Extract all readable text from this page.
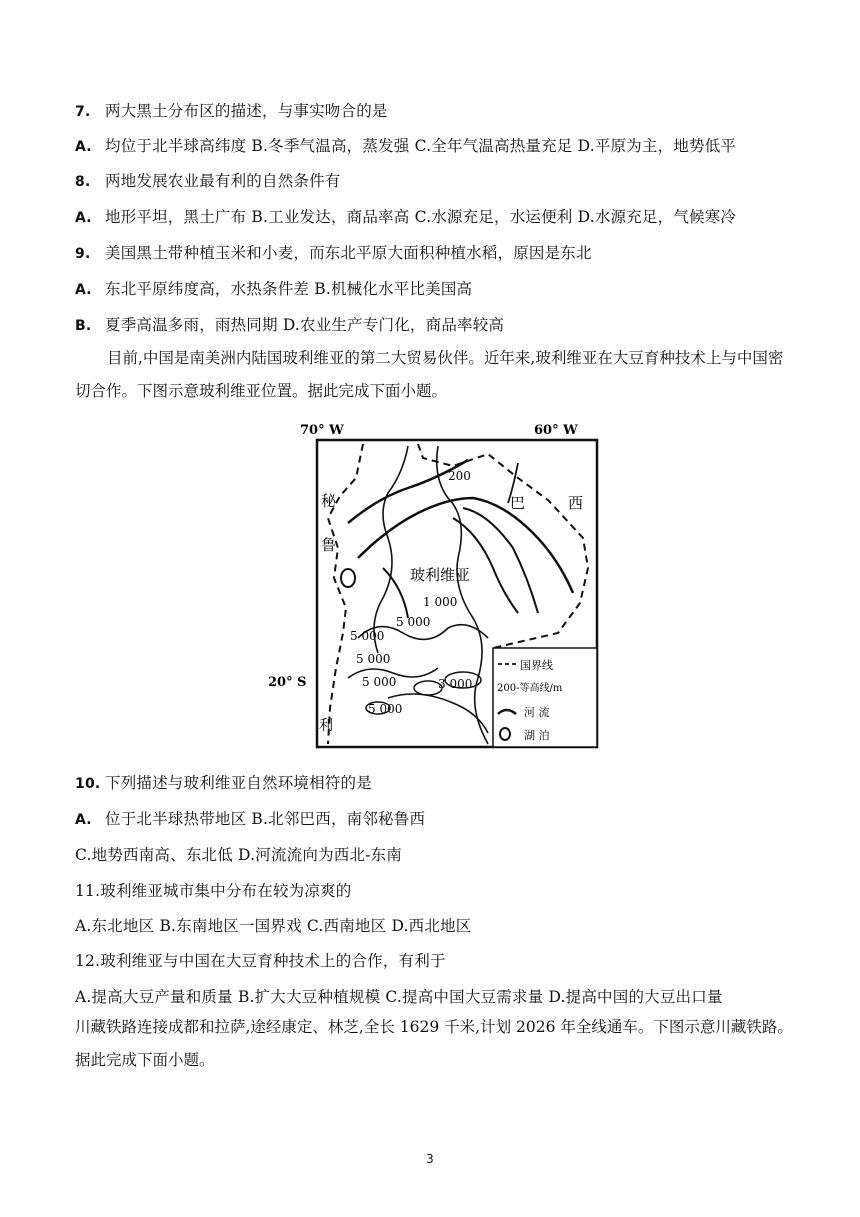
7. 两大黑土分布区的描述，与事实吻合的是
A. 均位于北半球高纬度 B.冬季气温高，蒸发强 C.全年气温高热量充足 D.平原为主，地势低平
8. 两地发展农业最有利的自然条件有
A. 地形平坦，黑土广布 B.工业发达，商品率高 C.水源充足，水运便利 D.水源充足，气候寒冷
9. 美国黑土带种植玉米和小麦，而东北平原大面积种植水稻，原因是东北
A. 东北平原纬度高，水热条件差 B.机械化水平比美国高
B. 夏季高温多雨，雨热同期 D.农业生产专门化，商品率较高
目前,中国是南美洲内陆国玻利维亚的第二大贸易伙伴。近年来,玻利维亚在大豆育种技术上与中国密切合作。下图示意玻利维亚位置。据此完成下面小题。
70° W	60° W
20° S
秘
鲁
巴	西
玻利维亚
利
200
1 000
5 000
5 000
5 000
5 000
5 000
3 000
国界线
200-等高线/m
河 流
湖 泊
10. 下列描述与玻利维亚自然环境相符的是
A. 位于北半球热带地区 B.北邻巴西，南邻秘鲁西
C.地势西南高、东北低 D.河流流向为西北-东南
11.玻利维亚城市集中分布在较为凉爽的
A.东北地区 B.东南地区一国界戏 C.西南地区 D.西北地区
12.玻利维亚与中国在大豆育种技术上的合作，有利于
A.提高大豆产量和质量 B.扩大大豆种植规模 C.提高中国大豆需求量 D.提高中国的大豆出口量
川藏铁路连接成都和拉萨,途经康定、林芝,全长 1629 千米,计划 2026 年全线通车。下图示意川藏铁路。据此完成下面小题。
3
